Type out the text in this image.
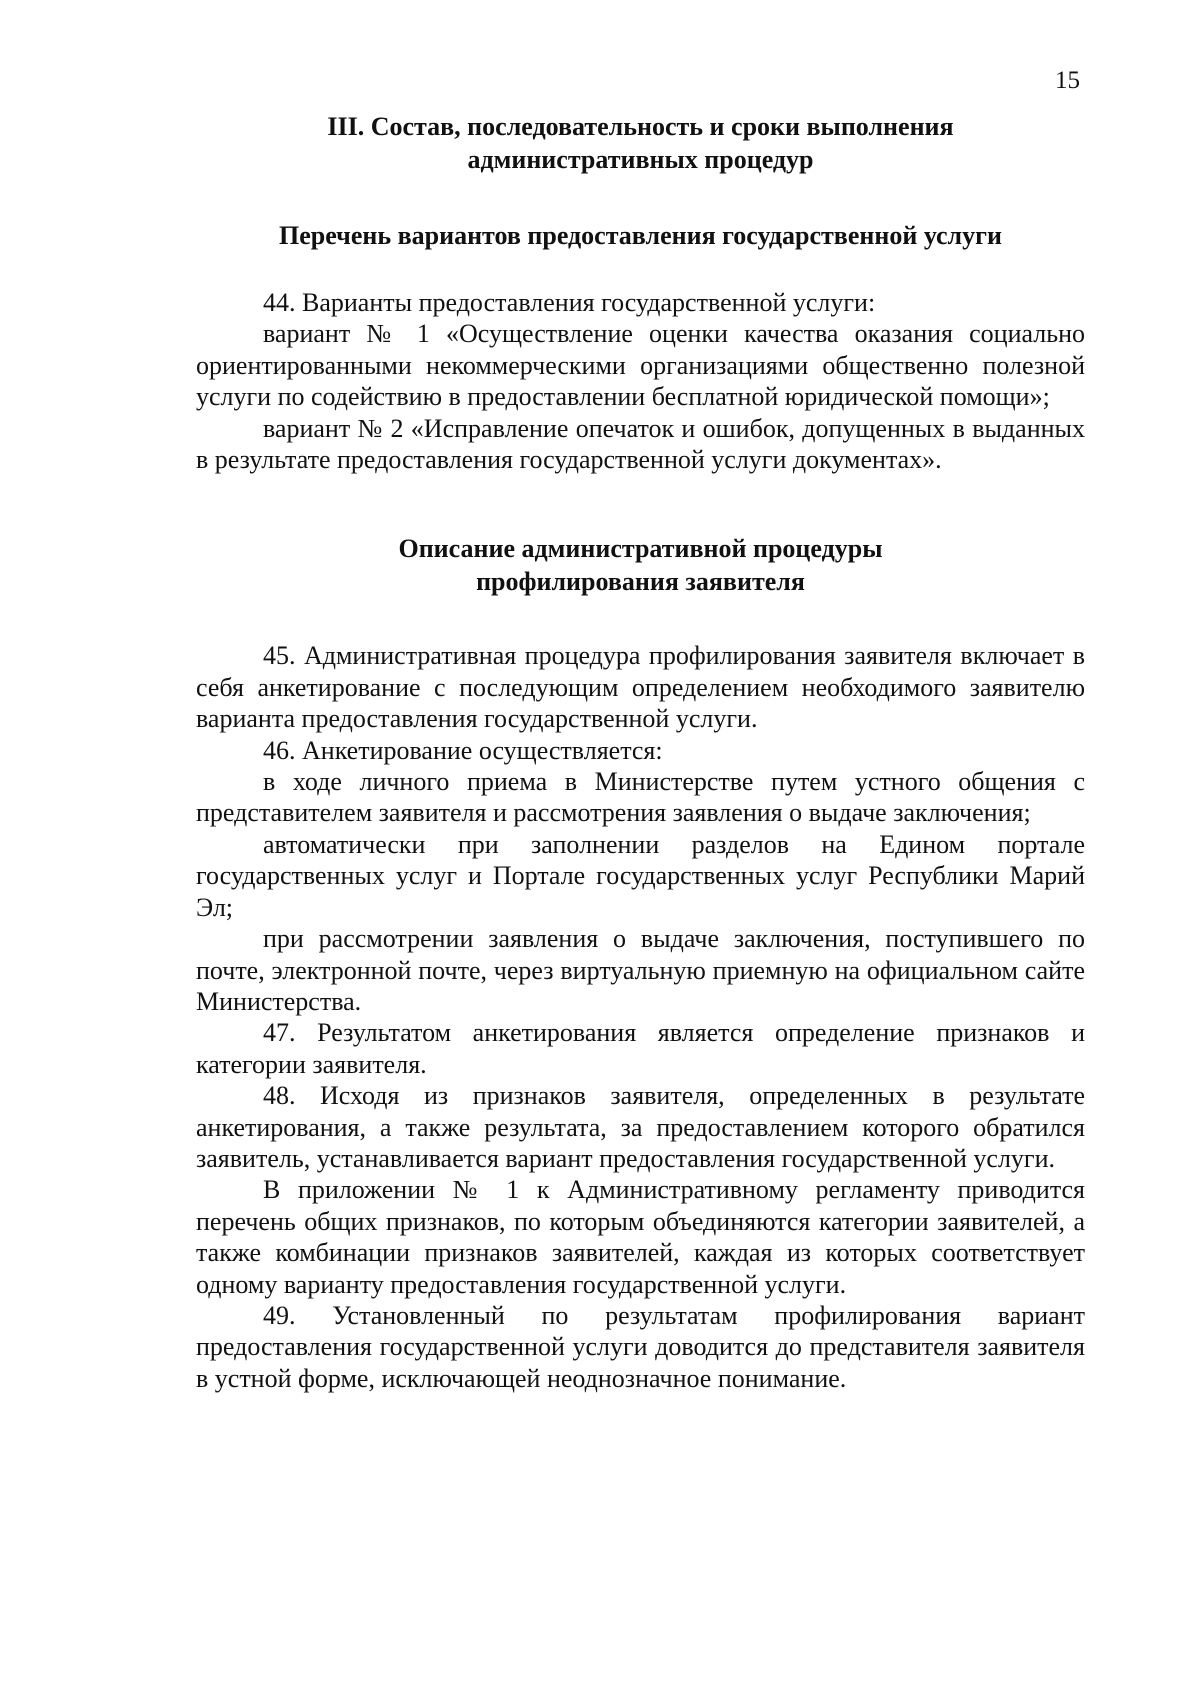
15
III. Состав, последовательность и сроки выполнения
административных процедур
Перечень вариантов предоставления государственной услуги

44. Варианты предоставления государственной услуги:

вариант № 1 «Осуществление оценки качества оказания социально ориентированными некоммерческими организациями общественно полезной услуги по содействию в предоставлении бесплатной юридической помощи»;

вариант № 2 «Исправление опечаток и ошибок, допущенных в выданных в результате предоставления государственной услуги документах».

Описание административной процедуры
профилирования заявителя

45. Административная процедура профилирования заявителя включает в себя анкетирование с последующим определением необходимого заявителю варианта предоставления государственной услуги.

46. Анкетирование осуществляется:

в ходе личного приема в Министерстве путем устного общения с представителем заявителя и рассмотрения заявления о выдаче заключения;

автоматически при заполнении разделов на Едином портале государственных услуг и Портале государственных услуг Республики Марий Эл;

при рассмотрении заявления о выдаче заключения, поступившего по почте, электронной почте, через виртуальную приемную на официальном сайте Министерства.

47. Результатом анкетирования является определение признаков и категории заявителя.

48. Исходя из признаков заявителя, определенных в результате анкетирования, а также результата, за предоставлением которого обратился заявитель, устанавливается вариант предоставления государственной услуги.

В приложении № 1 к Административному регламенту приводится перечень общих признаков, по которым объединяются категории заявителей, а также комбинации признаков заявителей, каждая из которых соответствует одному варианту предоставления государственной услуги.

49. Установленный по результатам профилирования вариант предоставления государственной услуги доводится до представителя заявителя в устной форме, исключающей неоднозначное понимание.
